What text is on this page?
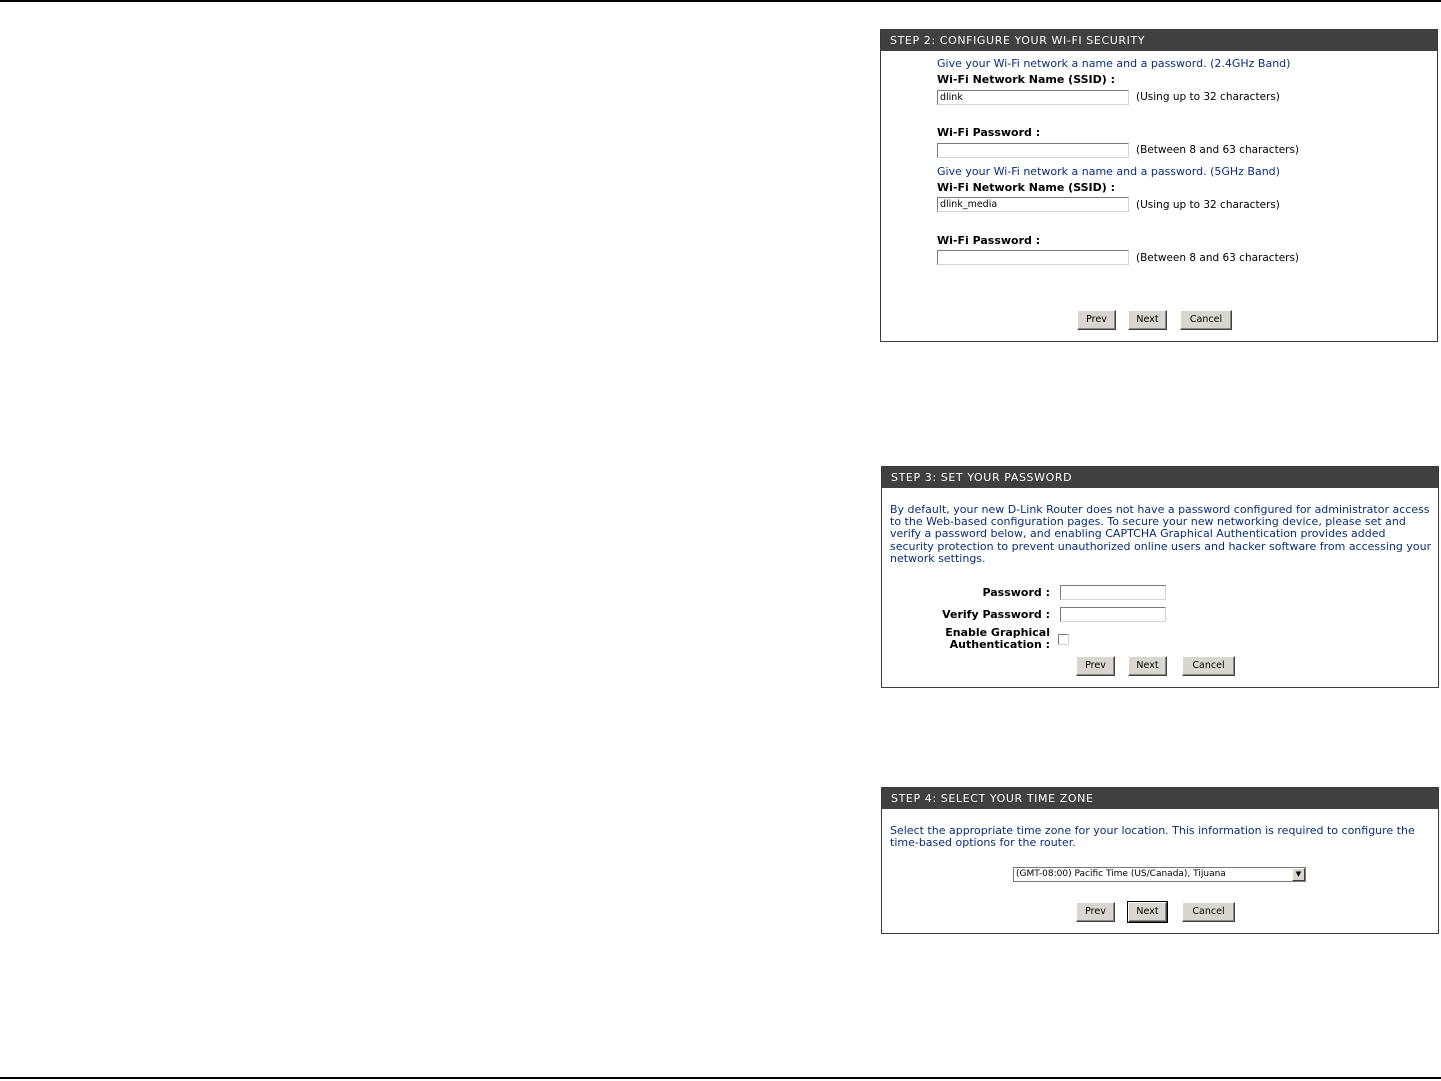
STEP 2: CONFIGURE YOUR WI-FI SECURITY
Give your Wi-Fi network a name and a password. (2.4GHz Band)
Wi-Fi Network Name (SSID) :
dlink	(Using up to 32 characters)
Wi-Fi Password :
(Between 8 and 63 characters)
Give your Wi-Fi network a name and a password. (5GHz Band)
Wi-Fi Network Name (SSID) :
dlink_media	(Using up to 32 characters)
Wi-Fi Password :
(Between 8 and 63 characters)
Prev	Next	Cancel
STEP 3: SET YOUR PASSWORD
By default, your new D-Link Router does not have a password configured for administrator access to the Web-based configuration pages. To secure your new networking device, please set and verify a password below, and enabling CAPTCHA Graphical Authentication provides added security protection to prevent unauthorized online users and hacker software from accessing your network settings.
Password :
Verify Password :
Enable Graphical
Authentication :
Prev	Next	Cancel
STEP 4: SELECT YOUR TIME ZONE
Select the appropriate time zone for your location. This information is required to configure the time-based options for the router.
(GMT-08:00) Pacific Time (US/Canada), Tijuana	▼
Prev	Next	Cancel
